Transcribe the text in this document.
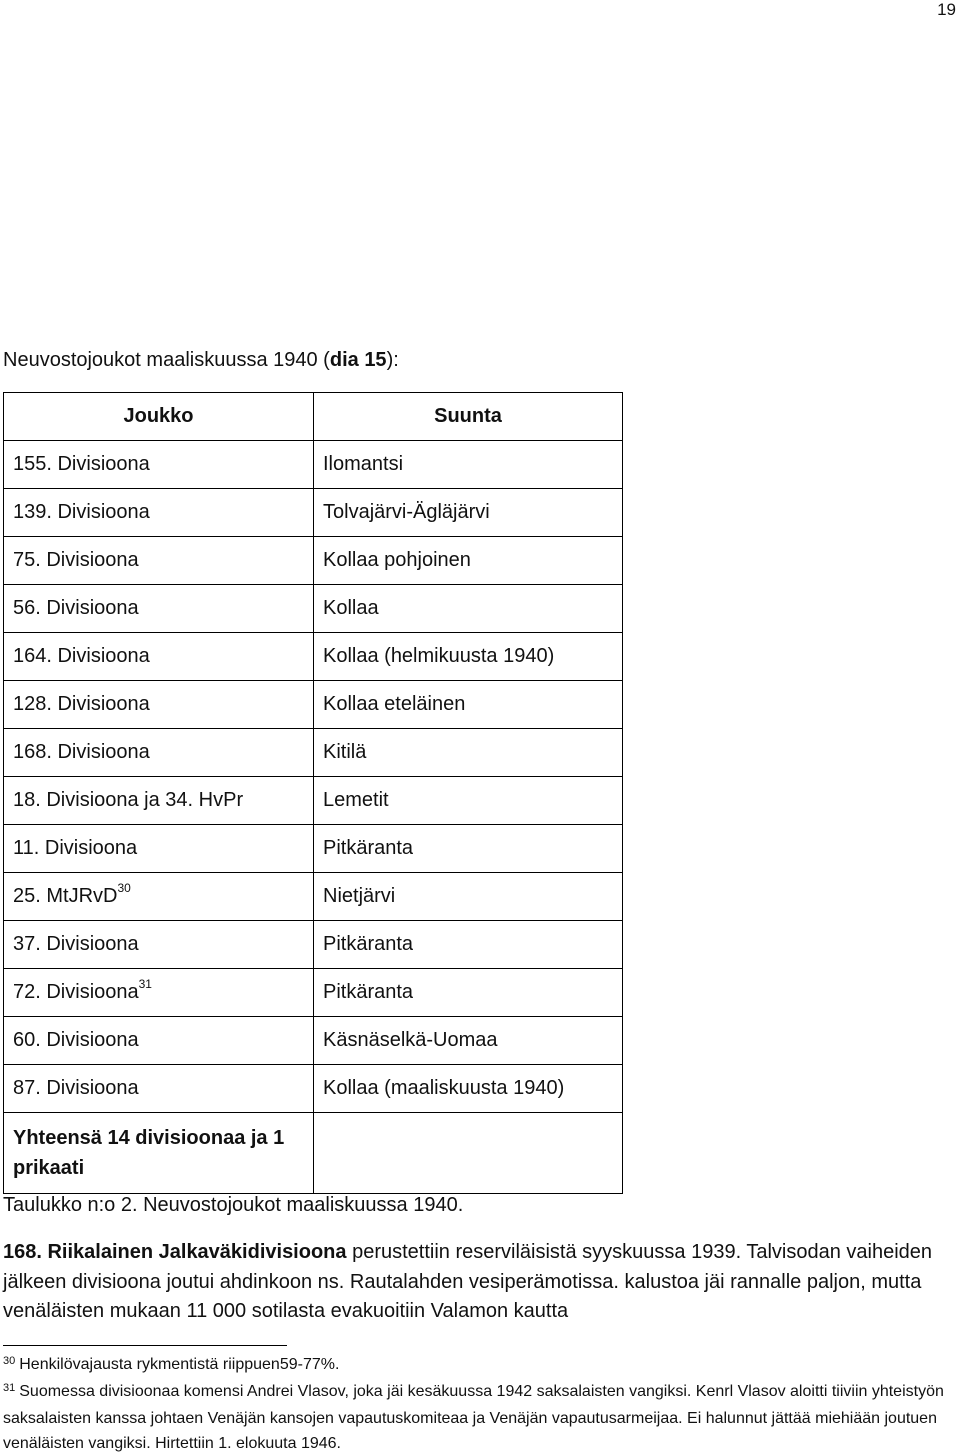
19
Neuvostojoukot maaliskuussa 1940 (dia 15):
Joukko	Suunta
155. Divisioona	Ilomantsi
139. Divisioona	Tolvajärvi-Ägläjärvi
75. Divisioona	Kollaa pohjoinen
56. Divisioona	Kollaa
164. Divisioona	Kollaa (helmikuusta 1940)
128. Divisioona	Kollaa eteläinen
168. Divisioona	Kitilä
18. Divisioona ja 34. HvPr	Lemetit
11. Divisioona	Pitkäranta
25. MtJRvD$^{30}$	Nietjärvi
37. Divisioona	Pitkäranta
72. Divisioona$^{31}$	Pitkäranta
60. Divisioona	Käsnäselkä-Uomaa
87. Divisioona	Kollaa (maaliskuusta 1940)
Yhteensä 14 divisioonaa ja 1 prikaati	
Taulukko n:o 2. Neuvostojoukot maaliskuussa 1940.
168. Riikalainen Jalkaväkidivisioona perustettiin reserviläisistä syyskuussa 1939. Talvisodan vaiheiden jälkeen divisioona joutui ahdinkoon ns. Rautalahden vesiperämotissa. kalustoa jäi rannalle paljon, mutta venäläisten mukaan 11 000 sotilasta evakuoitiin Valamon kautta

$^{30}$ Henkilövajausta rykmentistä riippuen59-77%.

$^{31}$ Suomessa divisioonaa komensi Andrei Vlasov, joka jäi kesäkuussa 1942 saksalaisten vangiksi. Kenrl Vlasov aloitti tiiviin yhteistyön saksalaisten kanssa johtaen Venäjän kansojen vapautuskomiteaa ja Venäjän vapautusarmeijaa. Ei halunnut jättää miehiään joutuen venäläisten vangiksi. Hirtettiin 1. elokuuta 1946.
